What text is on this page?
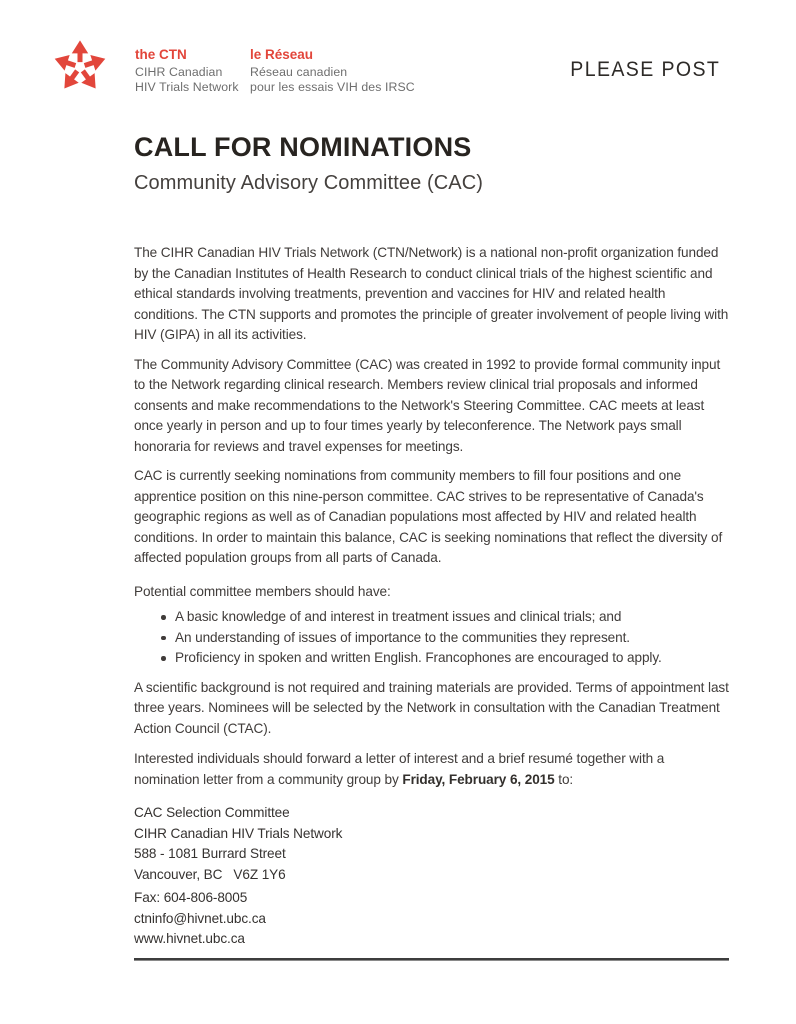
the CTN
CIHR Canadian
HIV Trials Network
le Réseau
Réseau canadien
pour les essais VIH des IRSC
PLEASE POST
CALL FOR NOMINATIONS
Community Advisory Committee (CAC)

The CIHR Canadian HIV Trials Network (CTN/Network) is a national non-profit organization funded by the Canadian Institutes of Health Research to conduct clinical trials of the highest scientific and ethical standards involving treatments, prevention and vaccines for HIV and related health conditions. The CTN supports and promotes the principle of greater involvement of people living with HIV (GIPA) in all its activities.

The Community Advisory Committee (CAC) was created in 1992 to provide formal community input to the Network regarding clinical research. Members review clinical trial proposals and informed consents and make recommendations to the Network's Steering Committee. CAC meets at least once yearly in person and up to four times yearly by teleconference. The Network pays small honoraria for reviews and travel expenses for meetings.

CAC is currently seeking nominations from community members to fill four positions and one apprentice position on this nine-person committee. CAC strives to be representative of Canada's geographic regions as well as of Canadian populations most affected by HIV and related health conditions. In order to maintain this balance, CAC is seeking nominations that reflect the diversity of affected population groups from all parts of Canada.

Potential committee members should have:

A basic knowledge of and interest in treatment issues and clinical trials; and
An understanding of issues of importance to the communities they represent.
Proficiency in spoken and written English. Francophones are encouraged to apply.

A scientific background is not required and training materials are provided. Terms of appointment last three years. Nominees will be selected by the Network in consultation with the Canadian Treatment Action Council (CTAC).

Interested individuals should forward a letter of interest and a brief resumé together with a nomination letter from a community group by Friday, February 6, 2015 to:

CAC Selection Committee
CIHR Canadian HIV Trials Network
588 - 1081 Burrard Street
Vancouver, BC   V6Z 1Y6
Fax: 604-806-8005
ctninfo@hivnet.ubc.ca
www.hivnet.ubc.ca
